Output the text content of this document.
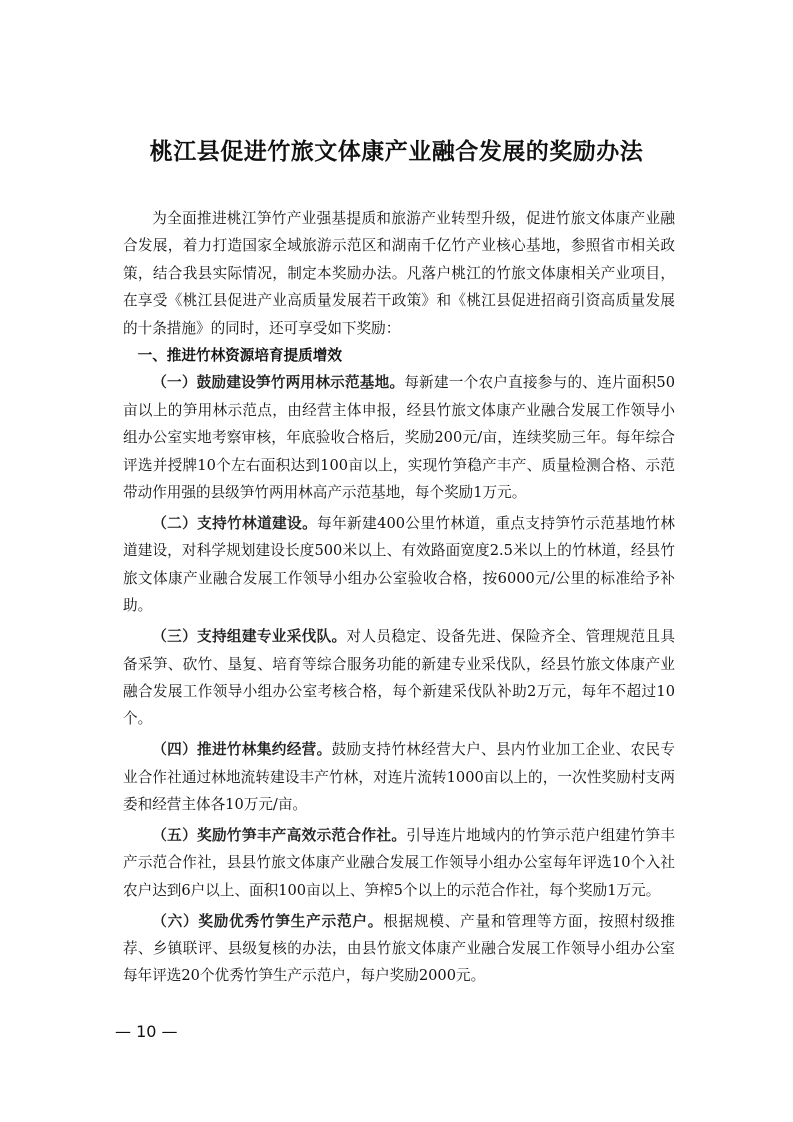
桃江县促进竹旅文体康产业融合发展的奖励办法

为全面推进桃江笋竹产业强基提质和旅游产业转型升级，促进竹旅文体康产业融合发展，着力打造国家全域旅游示范区和湖南千亿竹产业核心基地，参照省市相关政策，结合我县实际情况，制定本奖励办法。凡落户桃江的竹旅文体康相关产业项目，在享受《桃江县促进产业高质量发展若干政策》和《桃江县促进招商引资高质量发展的十条措施》的同时，还可享受如下奖励：

一、推进竹林资源培育提质增效

（一）鼓励建设笋竹两用林示范基地。每新建一个农户直接参与的、连片面积50亩以上的笋用林示范点，由经营主体申报，经县竹旅文体康产业融合发展工作领导小组办公室实地考察审核，年底验收合格后，奖励200元/亩，连续奖励三年。每年综合评选并授牌10个左右面积达到100亩以上，实现竹笋稳产丰产、质量检测合格、示范带动作用强的县级笋竹两用林高产示范基地，每个奖励1万元。

（二）支持竹林道建设。每年新建400公里竹林道，重点支持笋竹示范基地竹林道建设，对科学规划建设长度500米以上、有效路面宽度2.5米以上的竹林道，经县竹旅文体康产业融合发展工作领导小组办公室验收合格，按6000元/公里的标准给予补助。

（三）支持组建专业采伐队。对人员稳定、设备先进、保险齐全、管理规范且具备采笋、砍竹、垦复、培育等综合服务功能的新建专业采伐队，经县竹旅文体康产业融合发展工作领导小组办公室考核合格，每个新建采伐队补助2万元，每年不超过10个。

（四）推进竹林集约经营。鼓励支持竹林经营大户、县内竹业加工企业、农民专业合作社通过林地流转建设丰产竹林，对连片流转1000亩以上的，一次性奖励村支两委和经营主体各10万元/亩。

（五）奖励竹笋丰产高效示范合作社。引导连片地域内的竹笋示范户组建竹笋丰产示范合作社，县县竹旅文体康产业融合发展工作领导小组办公室每年评选10个入社农户达到6户以上、面积100亩以上、笋榨5个以上的示范合作社，每个奖励1万元。

（六）奖励优秀竹笋生产示范户。根据规模、产量和管理等方面，按照村级推荐、乡镇联评、县级复核的办法，由县竹旅文体康产业融合发展工作领导小组办公室每年评选20个优秀竹笋生产示范户，每户奖励2000元。

— 10 —
